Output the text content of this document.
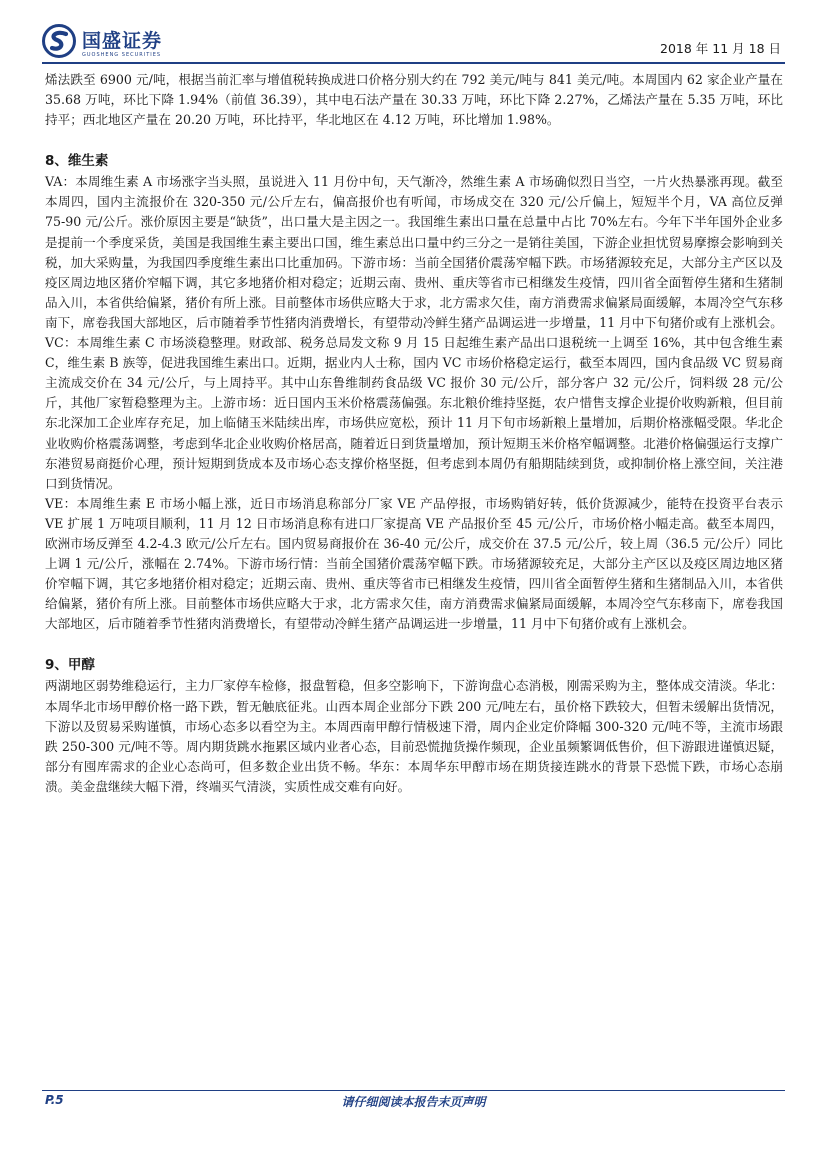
国盛证券
GUOSHENG SECURITIES	2018 年 11 月 18 日

烯法跌至 6900 元/吨，根据当前汇率与增值税转换成进口价格分别大约在 792 美元/吨与 841 美元/吨。本周国内 62 家企业产量在 35.68 万吨，环比下降 1.94%（前值 36.39），其中电石法产量在 30.33 万吨，环比下降 2.27%，乙烯法产量在 5.35 万吨，环比持平；西北地区产量在 20.20 万吨，环比持平，华北地区在 4.12 万吨，环比增加 1.98%。

8、维生素

VA：本周维生素 A 市场涨字当头照，虽说进入 11 月份中旬，天气渐冷，然维生素 A 市场确似烈日当空，一片火热暴涨再现。截至本周四，国内主流报价在 320-350 元/公斤左右，偏高报价也有听闻，市场成交在 320 元/公斤偏上，短短半个月，VA 高位反弹 75-90 元/公斤。涨价原因主要是“缺货”，出口量大是主因之一。我国维生素出口量在总量中占比 70%左右。今年下半年国外企业多是提前一个季度采货，美国是我国维生素主要出口国，维生素总出口量中约三分之一是销往美国，下游企业担忧贸易摩擦会影响到关税，加大采购量，为我国四季度维生素出口比重加码。下游市场：当前全国猪价震荡窄幅下跌。市场猪源较充足，大部分主产区以及疫区周边地区猪价窄幅下调，其它多地猪价相对稳定；近期云南、贵州、重庆等省市已相继发生疫情，四川省全面暂停生猪和生猪制品入川，本省供给偏紧，猪价有所上涨。目前整体市场供应略大于求，北方需求欠佳，南方消费需求偏紧局面缓解，本周冷空气东移南下，席卷我国大部地区，后市随着季节性猪肉消费增长，有望带动冷鲜生猪产品调运进一步增量，11 月中下旬猪价或有上涨机会。

VC：本周维生素 C 市场淡稳整理。财政部、税务总局发文称 9 月 15 日起维生素产品出口退税统一上调至 16%，其中包含维生素 C，维生素 B 族等，促进我国维生素出口。近期，据业内人士称，国内 VC 市场价格稳定运行，截至本周四，国内食品级 VC 贸易商主流成交价在 34 元/公斤，与上周持平。其中山东鲁维制药食品级 VC 报价 30 元/公斤，部分客户 32 元/公斤，饲料级 28 元/公斤，其他厂家暂稳整理为主。上游市场：近日国内玉米价格震荡偏强。东北粮价维持坚挺，农户惜售支撑企业提价收购新粮，但目前东北深加工企业库存充足，加上临储玉米陆续出库，市场供应宽松，预计 11 月下旬市场新粮上量增加，后期价格涨幅受限。华北企业收购价格震荡调整，考虑到华北企业收购价格居高，随着近日到货量增加，预计短期玉米价格窄幅调整。北港价格偏强运行支撑广东港贸易商挺价心理，预计短期到货成本及市场心态支撑价格坚挺，但考虑到本周仍有船期陆续到货，或抑制价格上涨空间，关注港口到货情况。

VE：本周维生素 E 市场小幅上涨，近日市场消息称部分厂家 VE 产品停报，市场购销好转，低价货源减少，能特在投资平台表示 VE 扩展 1 万吨项目顺利，11 月 12 日市场消息称有进口厂家提高 VE 产品报价至 45 元/公斤，市场价格小幅走高。截至本周四，欧洲市场反弹至 4.2-4.3 欧元/公斤左右。国内贸易商报价在 36-40 元/公斤，成交价在 37.5 元/公斤，较上周（36.5 元/公斤）同比上调 1 元/公斤，涨幅在 2.74%。下游市场行情：当前全国猪价震荡窄幅下跌。市场猪源较充足，大部分主产区以及疫区周边地区猪价窄幅下调，其它多地猪价相对稳定；近期云南、贵州、重庆等省市已相继发生疫情，四川省全面暂停生猪和生猪制品入川，本省供给偏紧，猪价有所上涨。目前整体市场供应略大于求，北方需求欠佳，南方消费需求偏紧局面缓解，本周冷空气东移南下，席卷我国大部地区，后市随着季节性猪肉消费增长，有望带动冷鲜生猪产品调运进一步增量，11 月中下旬猪价或有上涨机会。

9、甲醇

两湖地区弱势维稳运行，主力厂家停车检修，报盘暂稳，但多空影响下，下游询盘心态消极，刚需采购为主，整体成交清淡。华北：本周华北市场甲醇价格一路下跌，暂无触底征兆。山西本周企业部分下跌 200 元/吨左右，虽价格下跌较大，但暂未缓解出货情况，下游以及贸易采购谨慎，市场心态多以看空为主。本周西南甲醇行情极速下滑，周内企业定价降幅 300-320 元/吨不等，主流市场跟跌 250-300 元/吨不等。周内期货跳水拖累区域内业者心态，目前恐慌抛货操作频现，企业虽频繁调低售价，但下游跟进谨慎迟疑，部分有囤库需求的企业心态尚可，但多数企业出货不畅。华东：本周华东甲醇市场在期货接连跳水的背景下恐慌下跌，市场心态崩溃。美金盘继续大幅下滑，终端买气清淡，实质性成交难有向好。

P.5	请仔细阅读本报告末页声明
